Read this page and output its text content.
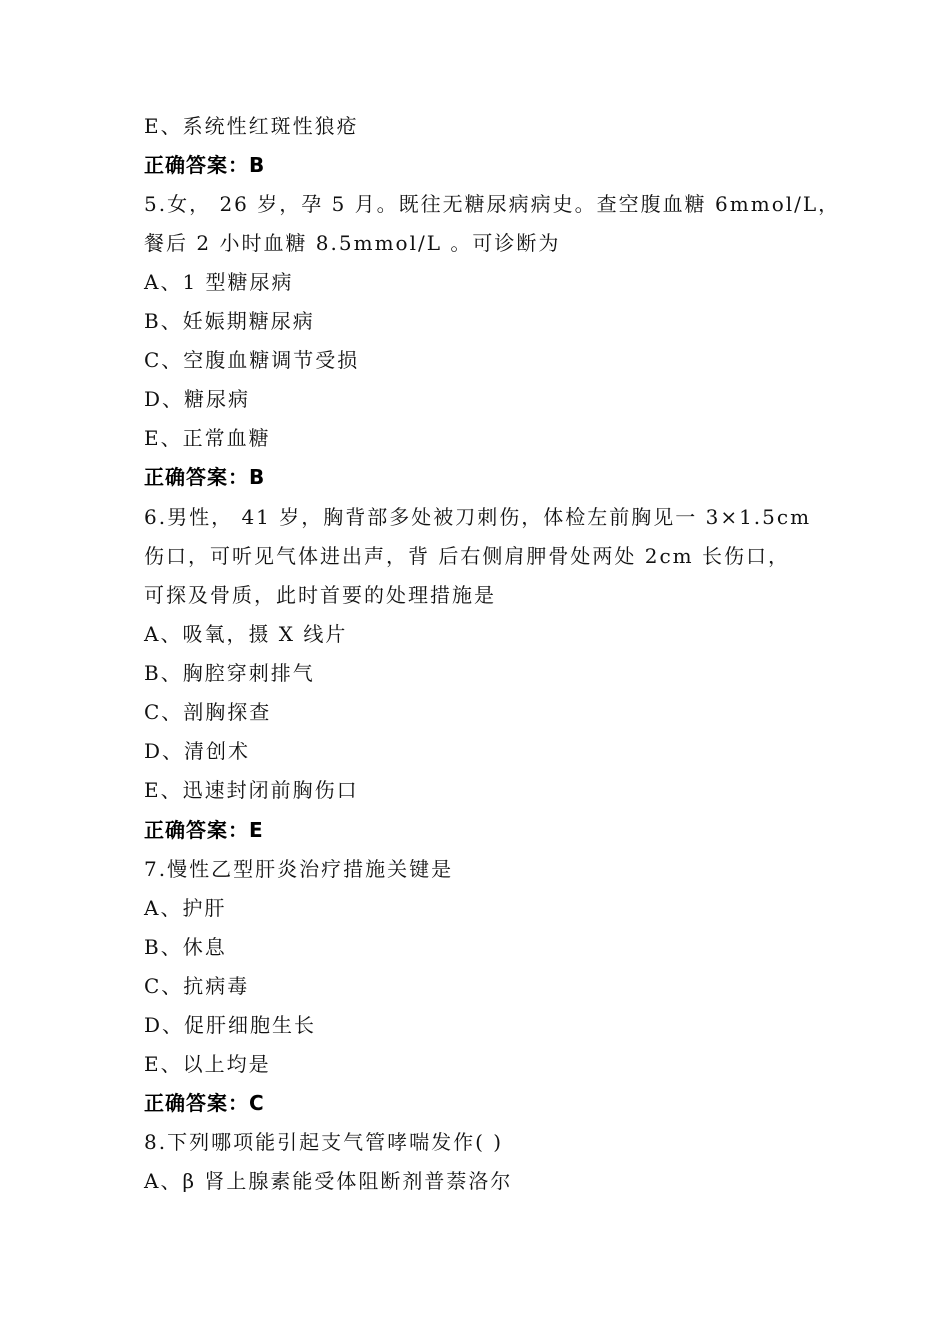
E、系统性红斑性狼疮
正确答案：B
5.女， 26 岁，孕 5 月。既往无糖尿病病史。查空腹血糖 6mmol/L，
餐后 2 小时血糖 8.5mmol/L 。可诊断为
A、1 型糖尿病
B、妊娠期糖尿病
C、空腹血糖调节受损
D、糖尿病
E、正常血糖
正确答案：B
6.男性， 41 岁，胸背部多处被刀刺伤，体检左前胸见一 3×1.5cm
伤口，可听见气体进出声，背 后右侧肩胛骨处两处 2cm 长伤口，
可探及骨质，此时首要的处理措施是
A、吸氧，摄 X 线片
B、胸腔穿刺排气
C、剖胸探查
D、清创术
E、迅速封闭前胸伤口
正确答案：E
7.慢性乙型肝炎治疗措施关键是
A、护肝
B、休息
C、抗病毒
D、促肝细胞生长
E、以上均是
正确答案：C
8.下列哪项能引起支气管哮喘发作( )
A、β 肾上腺素能受体阻断剂普萘洛尔
